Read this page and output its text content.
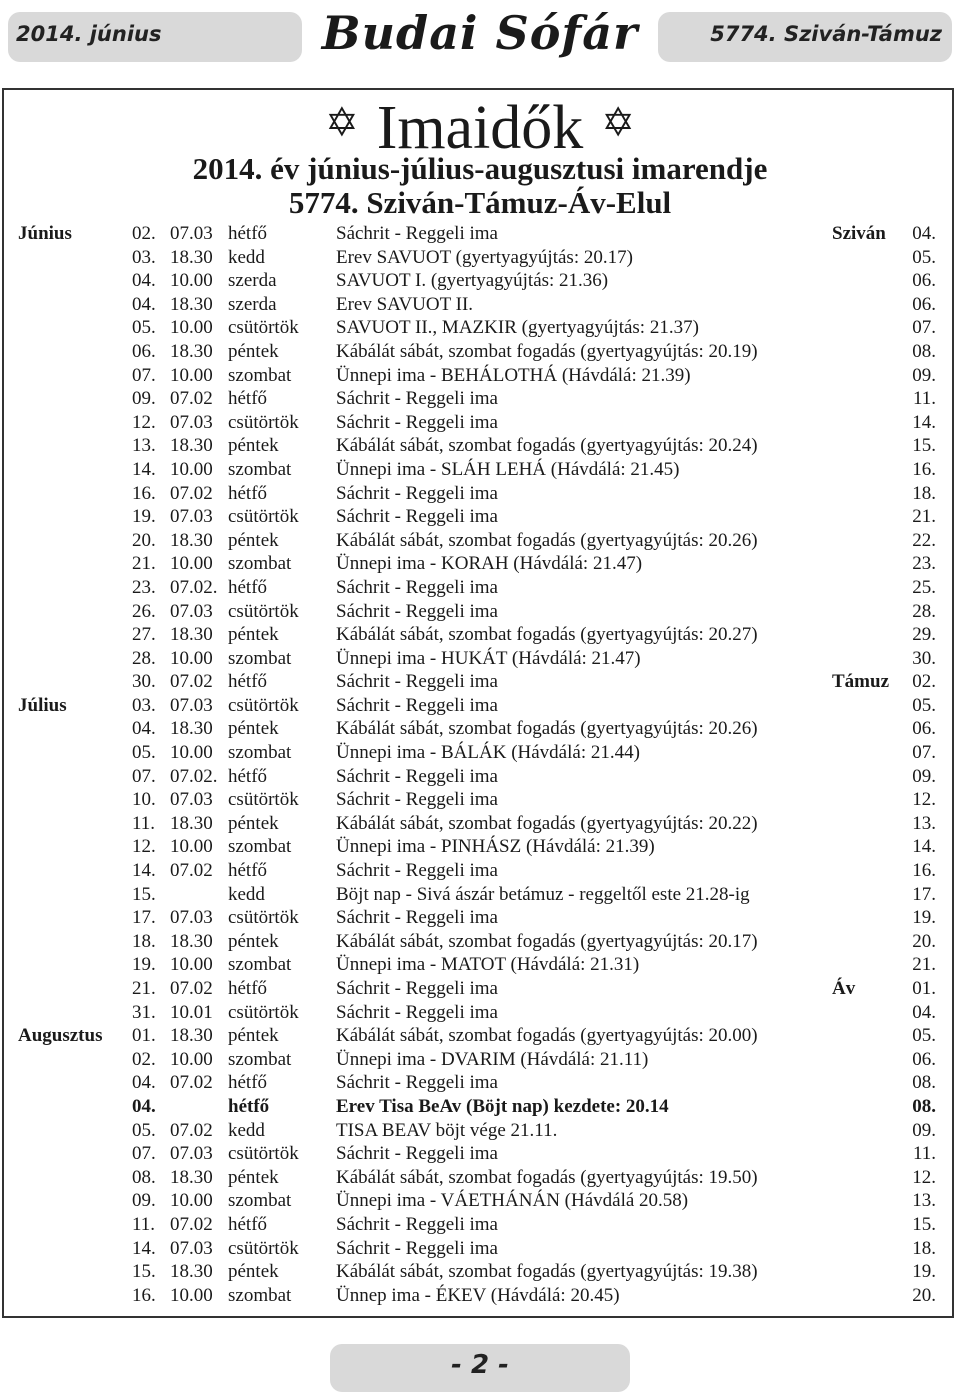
2014. június	Budai Sófár	5774. Sziván-Támuz
✡ Imaidők ✡
2014. év június-július-augusztusi imarendje
5774. Sziván-Támuz-Áv-Elul
Június	02. 07.03 hétfő	Sáchrit - Reggeli ima	Sziván 04.
03. 18.30 kedd	Erev SAVUOT (gyertyagyújtás: 20.17)	05.
04. 10.00 szerda	SAVUOT I. (gyertyagyújtás: 21.36)	06.
04. 18.30 szerda	Erev SAVUOT II.	06.
05. 10.00 csütörtök SAVUOT II., MAZKIR (gyertyagyújtás: 21.37)	07.
06. 18.30 péntek	Kábálát sábát, szombat fogadás (gyertyagyújtás: 20.19)	08.
07. 10.00 szombat Ünnepi ima - BEHÁLOTHÁ (Hávdálá: 21.39)	09.
09. 07.02 hétfő	Sáchrit - Reggeli ima	11.
12. 07.03 csütörtök Sáchrit - Reggeli ima	14.
13. 18.30 péntek	Kábálát sábát, szombat fogadás (gyertyagyújtás: 20.24)	15.
14. 10.00 szombat Ünnepi ima - SLÁH LEHÁ (Hávdálá: 21.45)	16.
16. 07.02 hétfő	Sáchrit - Reggeli ima	18.
19. 07.03 csütörtök Sáchrit - Reggeli ima	21.
20. 18.30 péntek	Kábálát sábát, szombat fogadás (gyertyagyújtás: 20.26)	22.
21. 10.00 szombat Ünnepi ima - KORAH (Hávdálá: 21.47)	23.
23. 07.02. hétfő	Sáchrit - Reggeli ima	25.
26. 07.03 csütörtök Sáchrit - Reggeli ima	28.
27. 18.30 péntek	Kábálát sábát, szombat fogadás (gyertyagyújtás: 20.27)	29.
28. 10.00 szombat Ünnepi ima - HUKÁT (Hávdálá: 21.47)	30.
30. 07.02 hétfő	Sáchrit - Reggeli ima	Támuz 02.
Július	03. 07.03 csütörtök Sáchrit - Reggeli ima	05.
04. 18.30 péntek	Kábálát sábát, szombat fogadás (gyertyagyújtás: 20.26)	06.
05. 10.00 szombat Ünnepi ima - BÁLÁK (Hávdálá: 21.44)	07.
07. 07.02. hétfő	Sáchrit - Reggeli ima	09.
10. 07.03 csütörtök Sáchrit - Reggeli ima	12.
11. 18.30 péntek	Kábálát sábát, szombat fogadás (gyertyagyújtás: 20.22)	13.
12. 10.00 szombat Ünnepi ima - PINHÁSZ (Hávdálá: 21.39)	14.
14. 07.02 hétfő	Sáchrit - Reggeli ima	16.
15.	kedd	Böjt nap - Sivá ászár betámuz - reggeltől este 21.28-ig	17.
17. 07.03 csütörtök Sáchrit - Reggeli ima	19.
18. 18.30 péntek	Kábálát sábát, szombat fogadás (gyertyagyújtás: 20.17)	20.
19. 10.00 szombat Ünnepi ima - MATOT (Hávdálá: 21.31)	21.
21. 07.02 hétfő	Sáchrit - Reggeli ima	Áv	01.
31. 10.01 csütörtök Sáchrit - Reggeli ima	04.
Augusztus 01. 18.30 péntek	Kábálát sábát, szombat fogadás (gyertyagyújtás: 20.00)	05.
02. 10.00 szombat Ünnepi ima - DVARIM (Hávdálá: 21.11)	06.
04. 07.02 hétfő	Sáchrit - Reggeli ima	08.
04.	hétfő	Erev Tisa BeAv (Böjt nap) kezdete: 20.14	08.
05. 07.02 kedd	TISA BEAV böjt vége 21.11.	09.
07. 07.03 csütörtök Sáchrit - Reggeli ima	11.
08. 18.30 péntek	Kábálát sábát, szombat fogadás (gyertyagyújtás: 19.50)	12.
09. 10.00 szombat Ünnepi ima - VÁETHÁNÁN (Hávdálá 20.58)	13.
11. 07.02 hétfő	Sáchrit - Reggeli ima	15.
14. 07.03 csütörtök Sáchrit - Reggeli ima	18.
15. 18.30 péntek	Kábálát sábát, szombat fogadás (gyertyagyújtás: 19.38)	19.
16. 10.00 szombat Ünnep ima - ÉKEV (Hávdálá: 20.45)	20.
- 2 -
